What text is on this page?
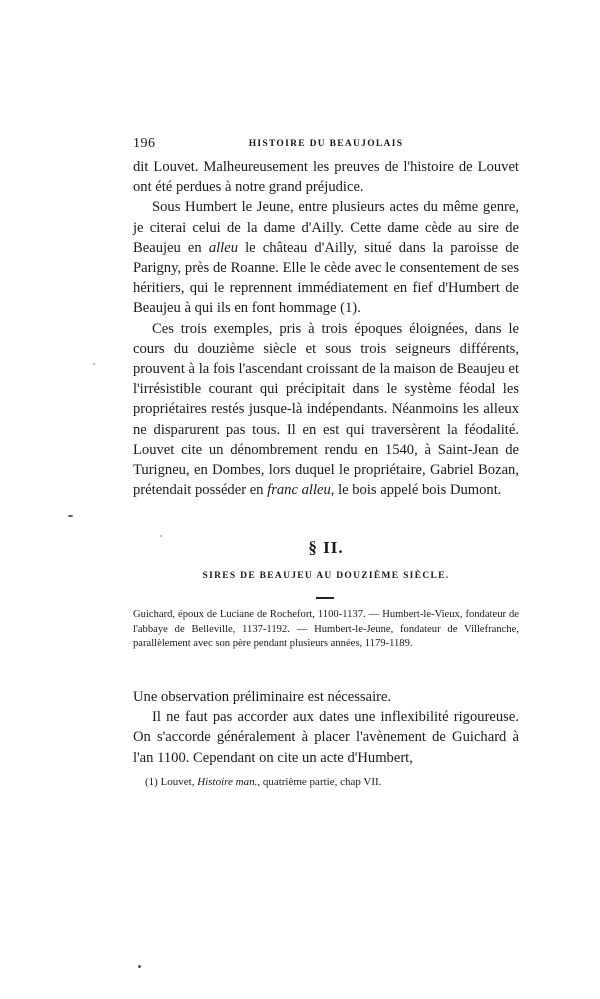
196	HISTOIRE DU BEAUJOLAIS

dit Louvet. Malheureusement les preuves de l'histoire de Louvet ont été perdues à notre grand préjudice.

Sous Humbert le Jeune, entre plusieurs actes du même genre, je citerai celui de la dame d'Ailly. Cette dame cède au sire de Beaujeu en alleu le château d'Ailly, situé dans la paroisse de Parigny, près de Roanne. Elle le cède avec le consentement de ses héritiers, qui le reprennent immédiatement en fief d'Humbert de Beaujeu à qui ils en font hommage (1).

Ces trois exemples, pris à trois époques éloignées, dans le cours du douzième siècle et sous trois seigneurs différents, prouvent à la fois l'ascendant croissant de la maison de Beaujeu et l'irrésistible courant qui précipitait dans le système féodal les propriétaires restés jusque-là indépendants. Néanmoins les alleux ne disparurent pas tous. Il en est qui traversèrent la féodalité. Louvet cite un dénombrement rendu en 1540, à Saint-Jean de Turigneu, en Dombes, lors duquel le propriétaire, Gabriel Bozan, prétendait posséder en franc alleu, le bois appelé bois Dumont.

§ II.
SIRES DE BEAUJEU AU DOUZIÈME SIÈCLE.
Guichard, époux de Luciane de Rochefort, 1100-1137. — Humbert-le-Vieux, fondateur de l'abbaye de Belleville, 1137-1192. — Humbert-le-Jeune, fondateur de Villefranche, parallèlement avec son père pendant plusieurs années, 1179-1189.

Une observation préliminaire est nécessaire.

Il ne faut pas accorder aux dates une inflexibilité rigoureuse. On s'accorde généralement à placer l'avènement de Guichard à l'an 1100. Cependant on cite un acte d'Humbert,

(1) Louvet, Histoire man., quatrième partie, chap VII.
